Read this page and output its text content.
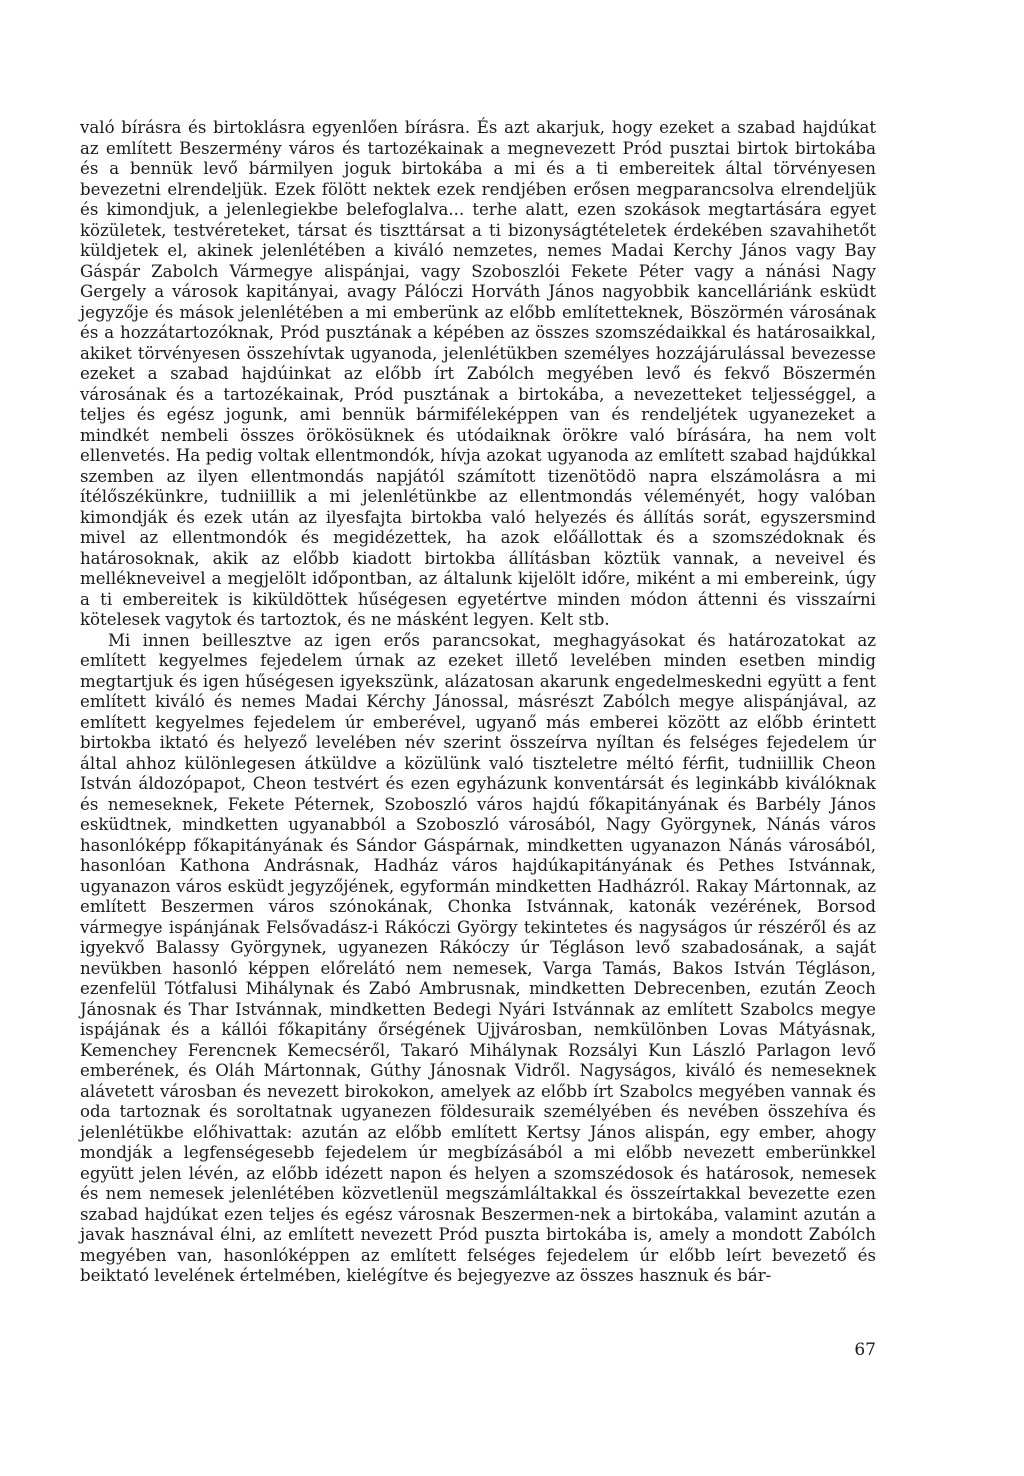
való bírásra és birtoklásra egyenlően bírásra. És azt akarjuk, hogy ezeket a szabad hajdúkat az említett Beszermény város és tartozékainak a megnevezett Pród pusztai birtok birtokába és a bennük levő bármilyen joguk birtokába a mi és a ti embereitek által törvényesen bevezetni elrendeljük. Ezek fölött nektek ezek rendjében erősen megparancsolva elrendeljük és kimondjuk, a jelenlegiekbe belefoglalva... terhe alatt, ezen szokások megtartására egyet közületek, testvéreteket, társat és tiszttársat a ti bizonyságtételetek érdekében szavahihetőt küldjetek el, akinek jelenlétében a kiváló nemzetes, nemes Madai Kerchy János vagy Bay Gáspár Zabolch Vármegye alispánjai, vagy Szoboszlói Fekete Péter vagy a nánási Nagy Gergely a városok kapitányai, avagy Pálóczi Horváth János nagyobbik kancelláriánk esküdt jegyzője és mások jelenlétében a mi emberünk az előbb említetteknek, Böszörmén városának és a hozzátartozóknak, Pród pusztának a képében az összes szomszédaikkal és határosaikkal, akiket törvényesen összehívtak ugyanoda, jelenlétükben személyes hozzájárulással bevezesse ezeket a szabad hajdúinkat az előbb írt Zabólch megyében levő és fekvő Böszermén városának és a tartozékainak, Pród pusztának a birtokába, a nevezetteket teljességgel, a teljes és egész jogunk, ami bennük bármiféleképpen van és rendeljétek ugyanezeket a mindkét nembeli összes örökösüknek és utódaiknak örökre való bírására, ha nem volt ellenvetés. Ha pedig voltak ellentmondók, hívja azokat ugyanoda az említett szabad hajdúkkal szemben az ilyen ellentmondás napjától számított tizenötödö napra elszámolásra a mi ítélőszékünkre, tudniillik a mi jelenlétünkbe az ellentmondás véleményét, hogy valóban kimondják és ezek után az ilyesfajta birtokba való helyezés és állítás sorát, egyszersmind mivel az ellentmondók és megidézettek, ha azok előállottak és a szomszédoknak és határosoknak, akik az előbb kiadott birtokba állításban köztük vannak, a neveivel és mellékneveivel a megjelölt időpontban, az általunk kijelölt időre, miként a mi embereink, úgy a ti embereitek is kiküldöttek hűségesen egyetértve minden módon áttenni és visszaírni kötelesek vagytok és tartoztok, és ne másként legyen. Kelt stb.

Mi innen beillesztve az igen erős parancsokat, meghagyásokat és határozatokat az említett kegyelmes fejedelem úrnak az ezeket illető levelében minden esetben mindig megtartjuk és igen hűségesen igyekszünk, alázatosan akarunk engedelmeskedni együtt a fent említett kiváló és nemes Madai Kérchy Jánossal, másrészt Zabólch megye alispánjával, az említett kegyelmes fejedelem úr emberével, ugyanő más emberei között az előbb érintett birtokba iktató és helyező levelében név szerint összeírva nyíltan és felséges fejedelem úr által ahhoz különlegesen átküldve a közülünk való tiszteletre méltó férfit, tudniillik Cheon István áldozópapot, Cheon testvért és ezen egyházunk konventársát és leginkább kiválóknak és nemeseknek, Fekete Péternek, Szoboszló város hajdú főkapitányának és Barbély János esküdtnek, mindketten ugyanabból a Szoboszló városából, Nagy Györgynek, Nánás város hasonlóképp főkapitányának és Sándor Gáspárnak, mindketten ugyanazon Nánás városából, hasonlóan Kathona Andrásnak, Hadház város hajdúkapitányának és Pethes Istvánnak, ugyanazon város esküdt jegyzőjének, egyformán mindketten Hadházról. Rakay Mártonnak, az említett Beszermen város szónokának, Chonka Istvánnak, katonák vezérének, Borsod vármegye ispánjának Felsővadász-i Rákóczi György tekintetes és nagyságos úr részéről és az igyekvő Balassy Györgynek, ugyanezen Rákóczy úr Tégláson levő szabadosának, a saját nevükben hasonló képpen előrelátó nem nemesek, Varga Tamás, Bakos István Tégláson, ezenfelül Tótfalusi Mihálynak és Zabó Ambrusnak, mindketten Debrecenben, ezután Zeoch Jánosnak és Thar Istvánnak, mindketten Bedegi Nyári Istvánnak az említett Szabolcs megye ispájának és a kállói főkapitány őrségének Ujjvárosban, nemkülönben Lovas Mátyásnak, Kemenchey Ferencnek Kemecséről, Takaró Mihálynak Rozsályi Kun László Parlagon levő emberének, és Oláh Mártonnak, Gúthy Jánosnak Vidről. Nagyságos, kiváló és nemeseknek alávetett városban és nevezett birokokon, amelyek az előbb írt Szabolcs megyében vannak és oda tartoznak és soroltatnak ugyanezen földesuraik személyében és nevében összehíva és jelenlétükbe előhivattak: azután az előbb említett Kertsy János alispán, egy ember, ahogy mondják a legfenségesebb fejedelem úr megbízásából a mi előbb nevezett emberünkkel együtt jelen lévén, az előbb idézett napon és helyen a szomszédosok és határosok, nemesek és nem nemesek jelenlétében közvetlenül megszámláltakkal és összeírtakkal bevezette ezen szabad hajdúkat ezen teljes és egész városnak Beszermen-nek a birtokába, valamint azután a javak hasznával élni, az említett nevezett Pród puszta birtokába is, amely a mondott Zabólch megyében van, hasonlóképpen az említett felséges fejedelem úr előbb leírt bevezető és beiktató levelének értelmében, kielégítve és bejegyezve az összes hasznuk és bár-

67
